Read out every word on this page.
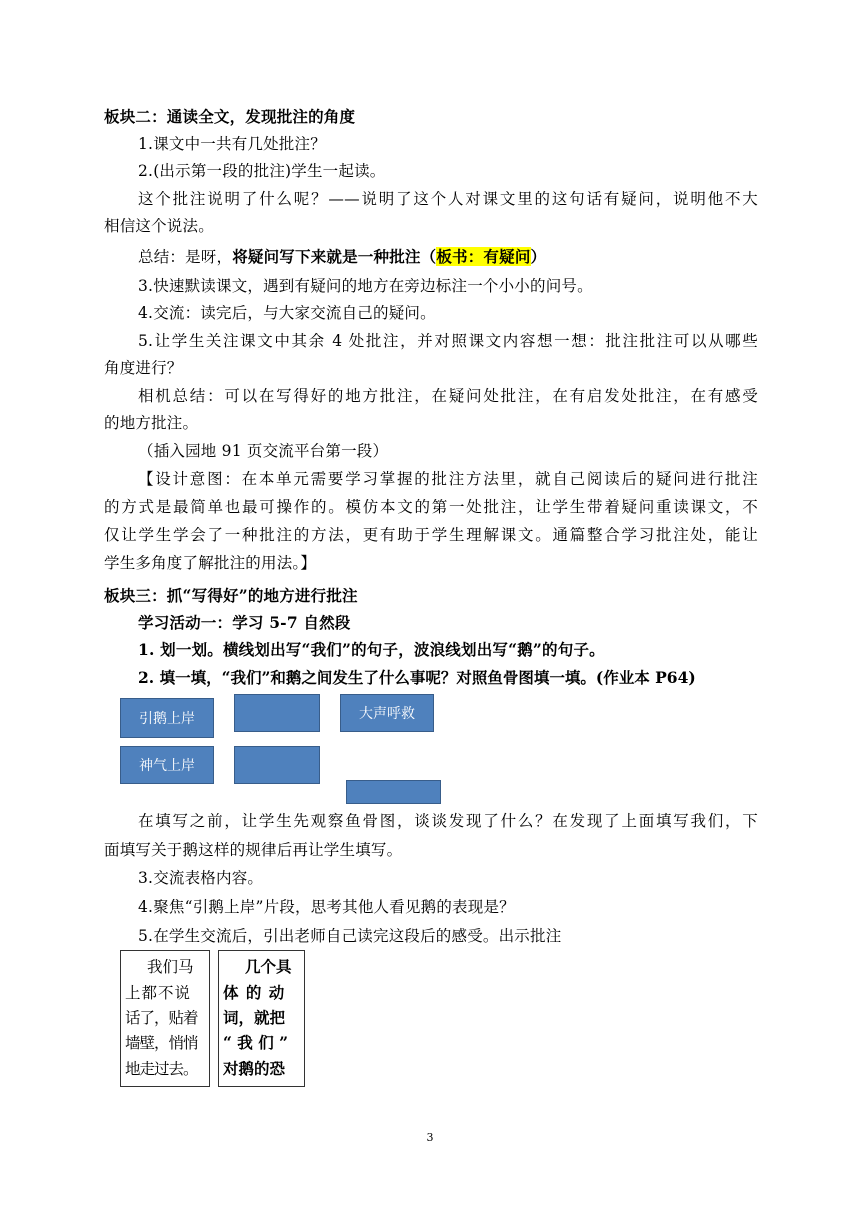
板块二：通读全文，发现批注的角度
1.课文中一共有几处批注？
2.(出示第一段的批注)学生一起读。
这个批注说明了什么呢？——说明了这个人对课文里的这句话有疑问，说明他不大
相信这个说法。
总结：是呀，将疑问写下来就是一种批注（板书：有疑问）
3.快速默读课文，遇到有疑问的地方在旁边标注一个小小的问号。
4.交流：读完后，与大家交流自己的疑问。
5.让学生关注课文中其余 4 处批注，并对照课文内容想一想：批注批注可以从哪些
角度进行？
相机总结：可以在写得好的地方批注，在疑问处批注，在有启发处批注，在有感受
的地方批注。
（插入园地 91 页交流平台第一段）
【设计意图：在本单元需要学习掌握的批注方法里，就自己阅读后的疑问进行批注
的方式是最简单也最可操作的。模仿本文的第一处批注，让学生带着疑问重读课文，不
仅让学生学会了一种批注的方法，更有助于学生理解课文。通篇整合学习批注处，能让
学生多角度了解批注的用法。】
板块三：抓“写得好”的地方进行批注
学习活动一：学习 5-7 自然段
1. 划一划。横线划出写“我们”的句子，波浪线划出写“鹅”的句子。
2. 填一填，“我们”和鹅之间发生了什么事呢？对照鱼骨图填一填。(作业本 P64)
引鹅上岸	大声呼救
神气上岸
在填写之前，让学生先观察鱼骨图，谈谈发现了什么？在发现了上面填写我们，下
面填写关于鹅这样的规律后再让学生填写。
3.交流表格内容。
4.聚焦“引鹅上岸”片段，思考其他人看见鹅的表现是？
5.在学生交流后，引出老师自己读完这段后的感受。出示批注
我们马
上都不说
话了，贴着
墙壁，悄悄
地走过去。
几个具
体 的 动
词，就把
“ 我 们 ”
对鹅的恐
3
